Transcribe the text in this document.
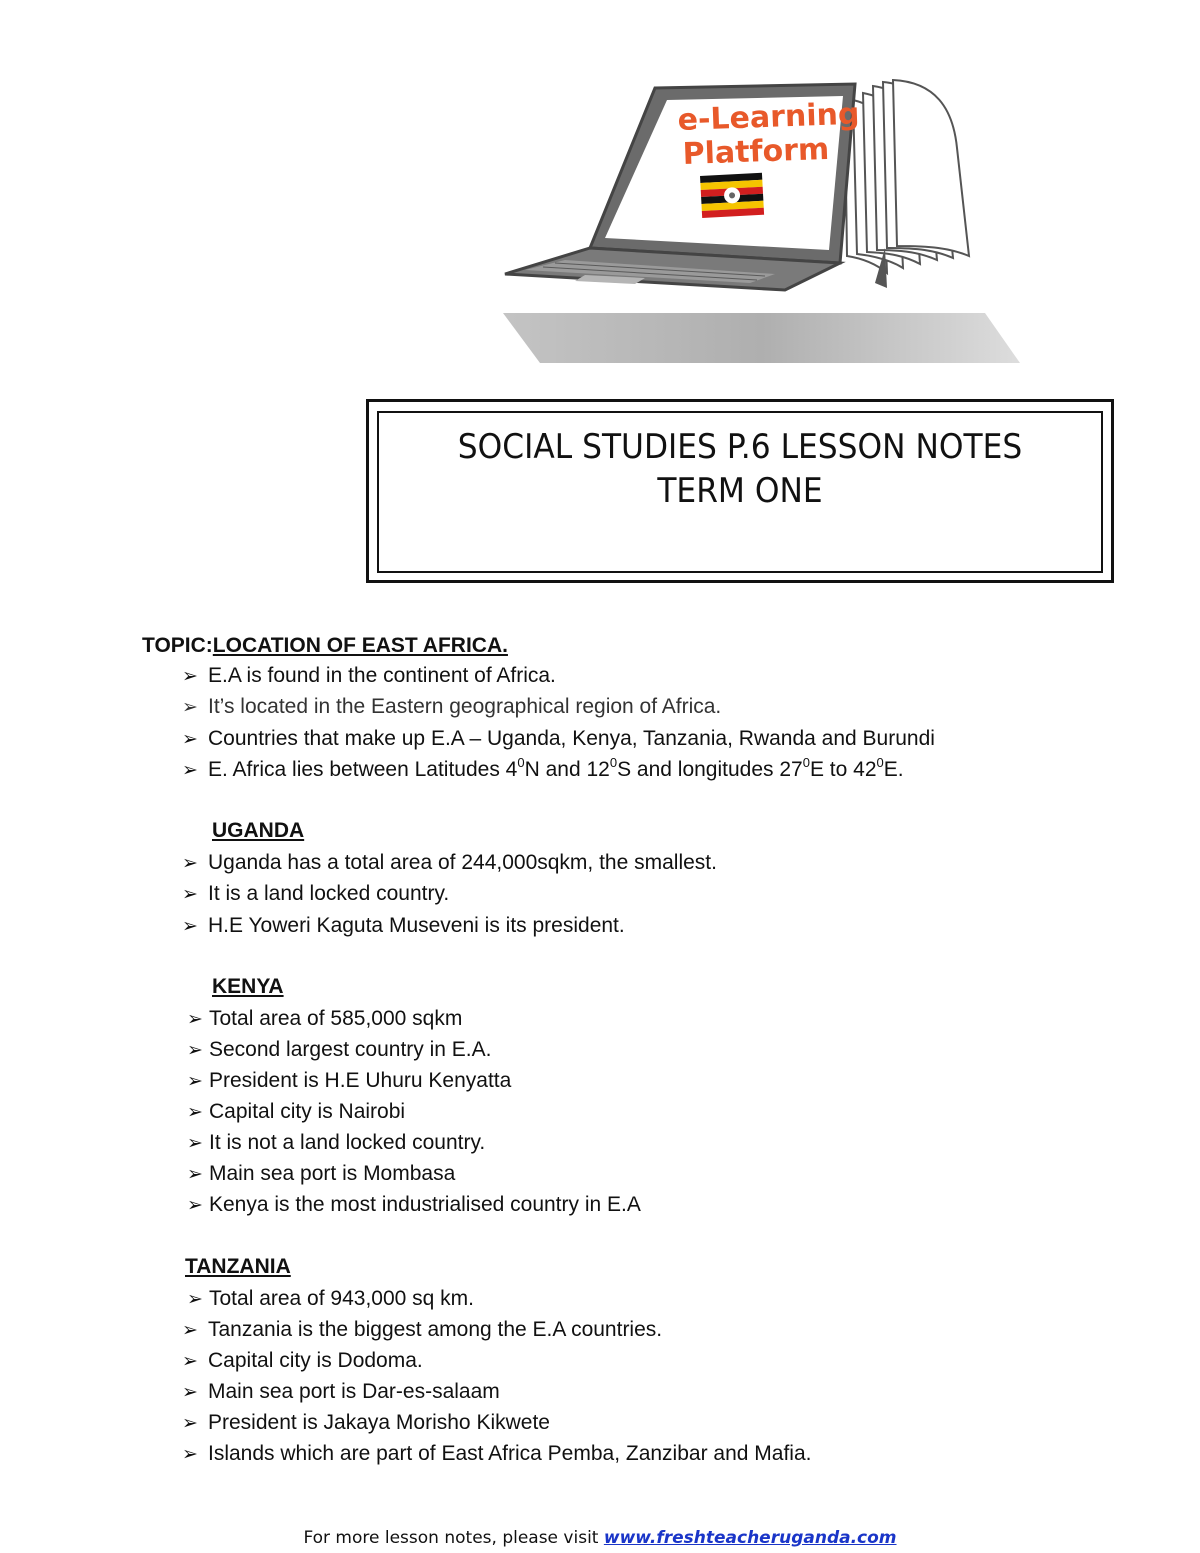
e-Learning
Platform
SOCIAL STUDIES P.6 LESSON NOTES
TERM ONE
TOPIC:LOCATION OF EAST AFRICA.
➢ E.A is found in the continent of Africa.
➢ It’s located in the Eastern geographical region of Africa.
➢ Countries that make up E.A – Uganda, Kenya, Tanzania, Rwanda and Burundi
➢ E. Africa lies between Latitudes $4^0N$ and $12^0S$ and longitudes $27^0E$ to $42^0E$.
UGANDA
➢ Uganda has a total area of 244,000sqkm, the smallest.
➢ It is a land locked country.
➢ H.E Yoweri Kaguta Museveni is its president.
KENYA
➢ Total area of 585,000 sqkm
➢ Second largest country in E.A.
➢ President is H.E Uhuru Kenyatta
➢ Capital city is Nairobi
➢ It is not a land locked country.
➢ Main sea port is Mombasa
➢ Kenya is the most industrialised country in E.A
TANZANIA
➢ Total area of 943,000 sq km.
➢ Tanzania is the biggest among the E.A countries.
➢ Capital city is Dodoma.
➢ Main sea port is Dar-es-salaam
➢ President is Jakaya Morisho Kikwete
➢ Islands which are part of East Africa Pemba, Zanzibar and Mafia.
For more lesson notes, please visit www.freshteacheruganda.com
